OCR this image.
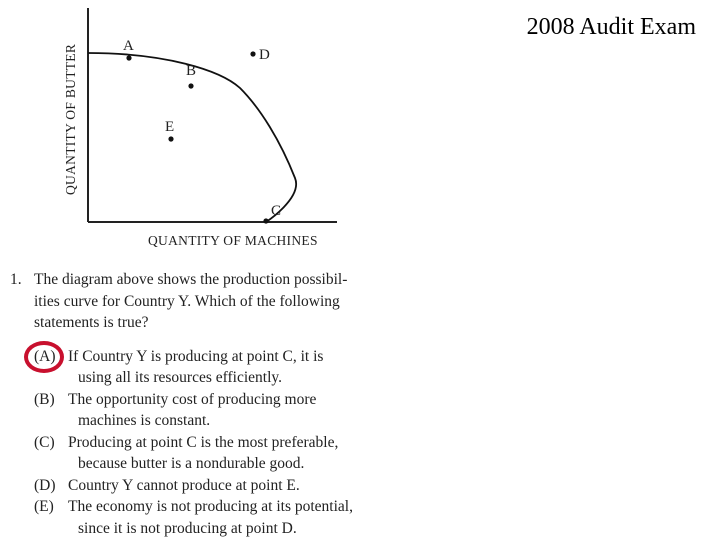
2008 Audit Exam
A
B
C
D
E
QUANTITY OF BUTTER
QUANTITY OF MACHINES
1. The diagram above shows the production possibil-
ities curve for Country Y. Which of the following
statements is true?
(A) If Country Y is producing at point C, it is
using all its resources efficiently.
(B) The opportunity cost of producing more
machines is constant.
(C) Producing at point C is the most preferable,
because butter is a nondurable good.
(D) Country Y cannot produce at point E.
(E) The economy is not producing at its potential,
since it is not producing at point D.
